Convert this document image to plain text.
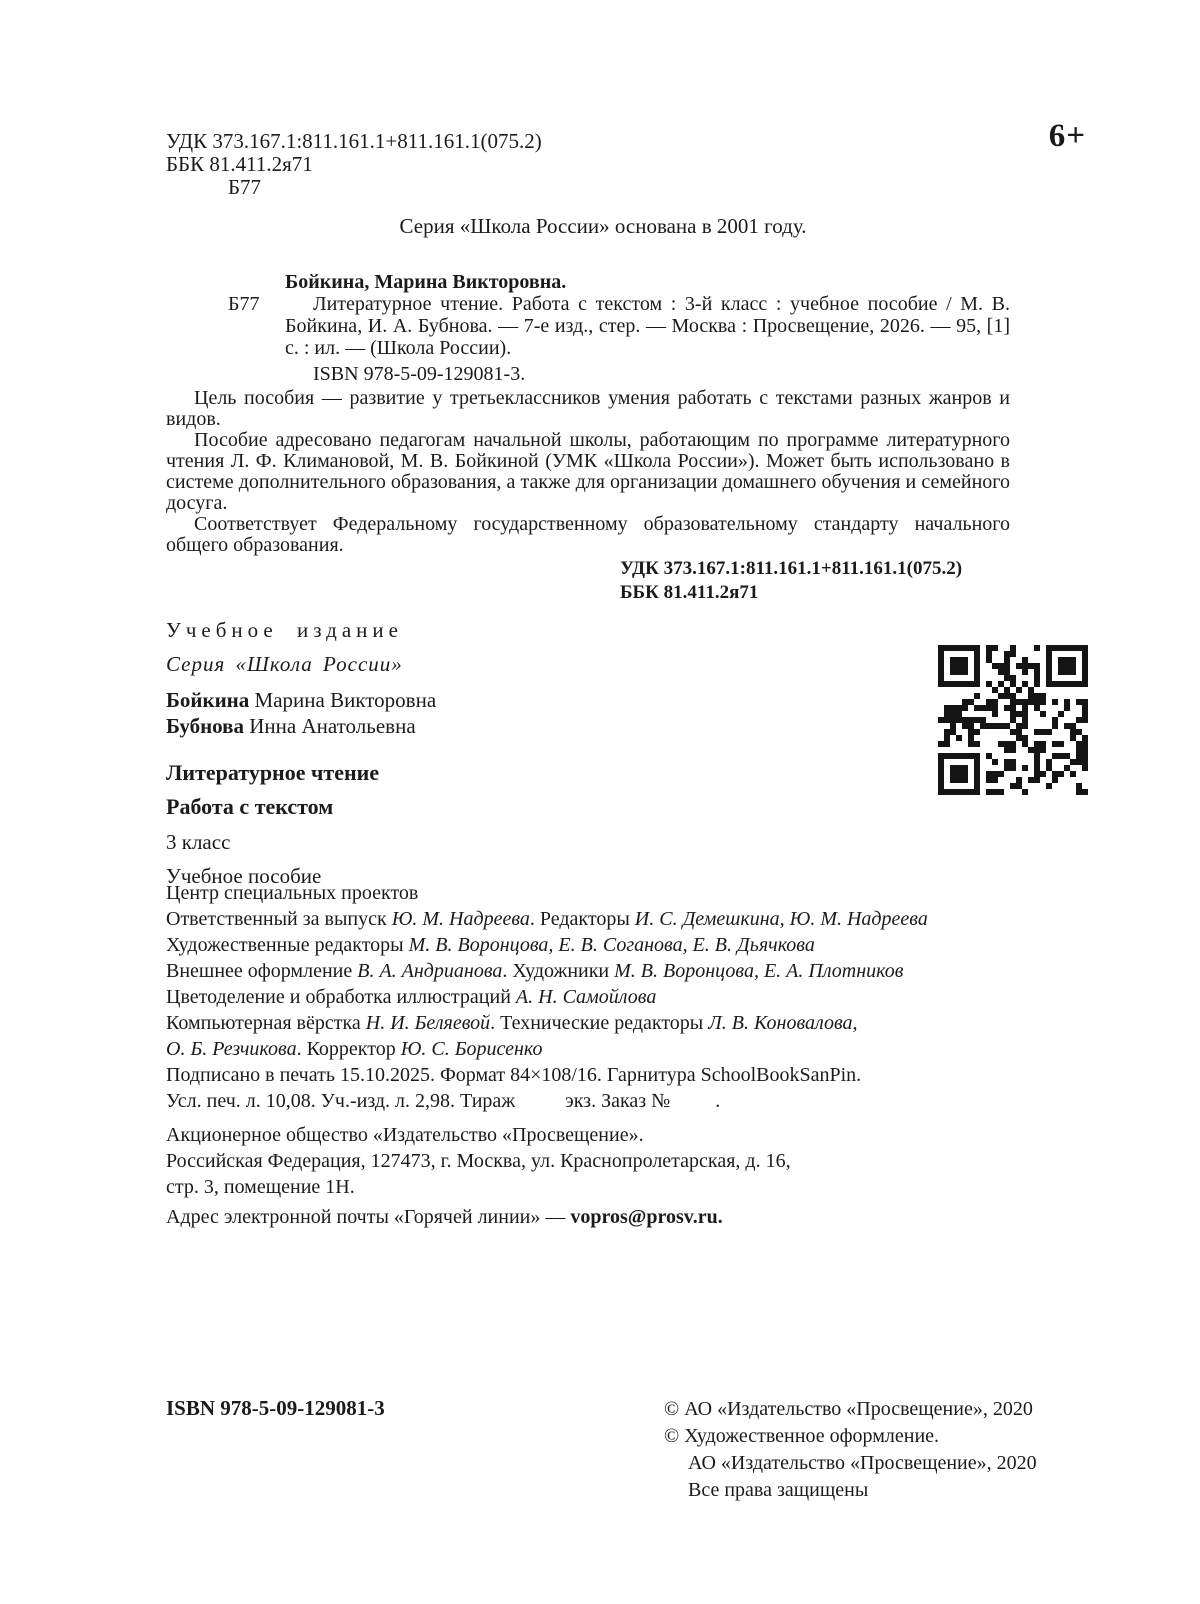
УДК 373.167.1:811.161.1+811.161.1(075.2)
ББК 81.411.2я71
Б77
6+
Серия «Школа России» основана в 2001 году.
Б77
Бойкина, Марина Викторовна.

Литературное чтение. Работа с текстом : 3-й класс : учебное пособие / М. В. Бойкина, И. А. Бубнова. — 7-е изд., стер. — Москва : Просвещение, 2026. — 95, [1] с. : ил. — (Школа России).

ISBN 978-5-09-129081-3.

Цель пособия — развитие у третьеклассников умения работать с текстами разных жанров и видов.

Пособие адресовано педагогам начальной школы, работающим по программе литературного чтения Л. Ф. Климановой, М. В. Бойкиной (УМК «Школа России»). Может быть использовано в системе дополнительного образования, а также для организации домашнего обучения и семейного досуга.

Соответствует Федеральному государственному образовательному стандарту начального общего образования.

УДК 373.167.1:811.161.1+811.161.1(075.2)
ББК 81.411.2я71
Учебное издание
Серия «Школа России»
Бойкина Марина Викторовна
Бубнова Инна Анатольевна
Литературное чтение
Работа с текстом
3 класс
Учебное пособие
Центр специальных проектов
Ответственный за выпуск Ю. М. Надреева. Редакторы И. С. Демешкина, Ю. М. Надреева
Художественные редакторы М. В. Воронцова, Е. В. Соганова, Е. В. Дьячкова
Внешнее оформление В. А. Андрианова. Художники М. В. Воронцова, Е. А. Плотников
Цветоделение и обработка иллюстраций А. Н. Самойлова
Компьютерная вёрстка Н. И. Беляевой. Технические редакторы Л. В. Коновалова,
О. Б. Резчикова. Корректор Ю. С. Борисенко
Подписано в печать 15.10.2025. Формат 84×108/16. Гарнитура SchoolBookSanPin.
Усл. печ. л. 10,08. Уч.-изд. л. 2,98. Тираж          экз. Заказ №         .
Акционерное общество «Издательство «Просвещение».
Российская Федерация, 127473, г. Москва, ул. Краснопролетарская, д. 16,
стр. 3, помещение 1Н.
Адрес электронной почты «Горячей линии» — vopros@prosv.ru.
ISBN 978-5-09-129081-3	© АО «Издательство «Просвещение», 2020
© Художественное оформление.
АО «Издательство «Просвещение», 2020
Все права защищены
